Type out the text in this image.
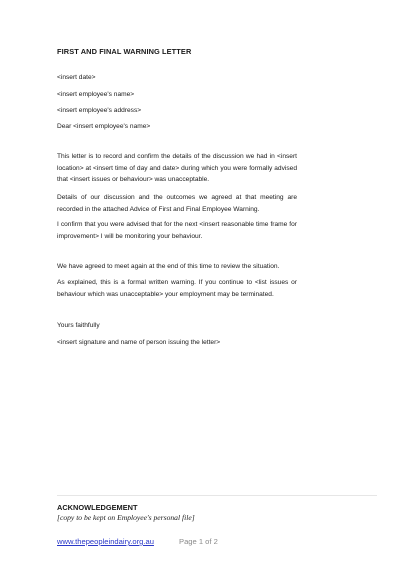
FIRST AND FINAL WARNING LETTER
<insert date>
<insert employee's name>
<insert employee's address>
Dear <insert employee's name>
This letter is to record and confirm the details of the discussion we had in <insert location> at <insert time of day and date> during which you were formally advised that <insert issues or behaviour> was unacceptable.
Details of our discussion and the outcomes we agreed at that meeting are recorded in the attached Advice of First and Final Employee Warning.
I confirm that you were advised that for the next <insert reasonable time frame for improvement> I will be monitoring your behaviour.
We have agreed to meet again at the end of this time to review the situation.
As explained, this is a formal written warning. If you continue to <list issues or behaviour which was unacceptable> your employment may be terminated.
Yours faithfully
<insert signature and name of person issuing the letter>
ACKNOWLEDGEMENT
[copy to be kept on Employee's personal file]
www.thepeopleindairy.org.au	Page 1 of 2
